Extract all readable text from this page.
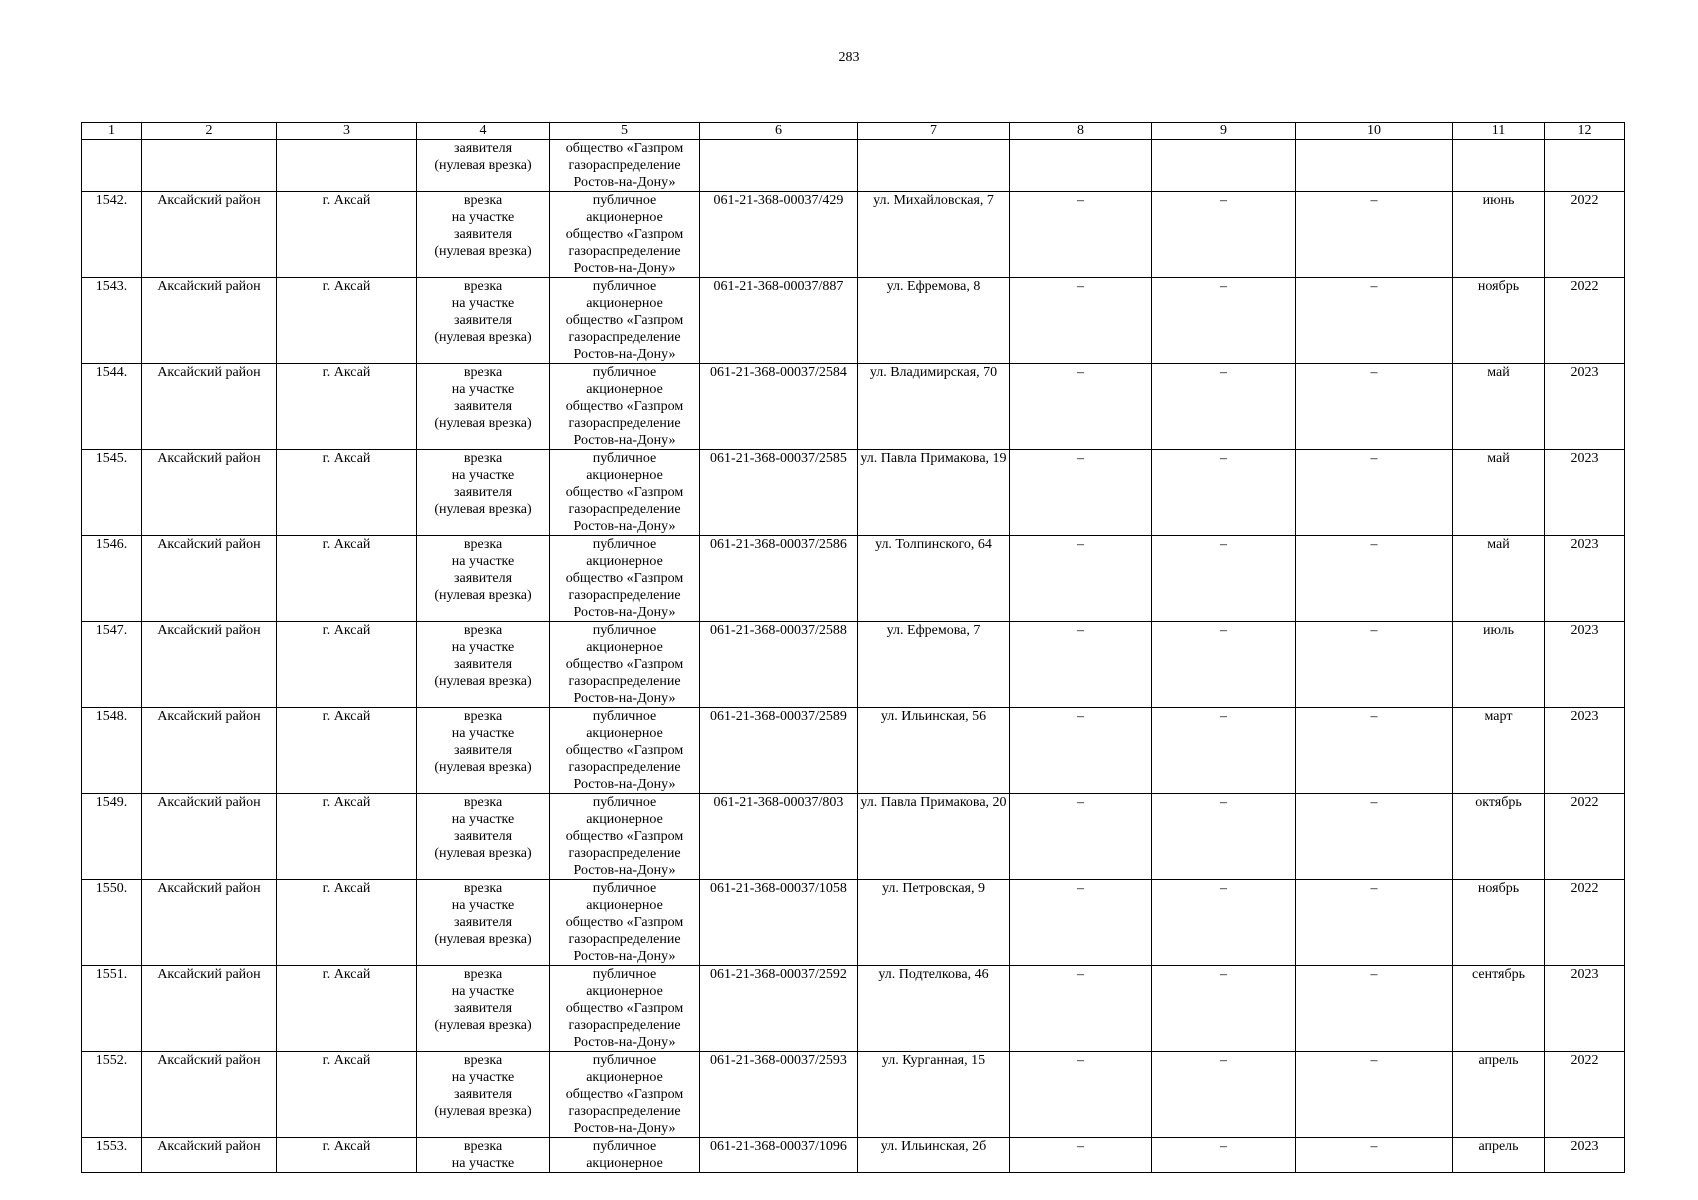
283
1	2	3	4	5	6	7	8	9	10	11	12
			заявителя
(нулевая врезка)	общество «Газпром
газораспределение
Ростов-на-Дону»							
1542.	Аксайский район	г. Аксай	врезка
на участке
заявителя
(нулевая врезка)	публичное
акционерное
общество «Газпром
газораспределение
Ростов-на-Дону»	061-21-368-00037/429	ул. Михайловская, 7	–	–	–	июнь	2022
1543.	Аксайский район	г. Аксай	врезка
на участке
заявителя
(нулевая врезка)	публичное
акционерное
общество «Газпром
газораспределение
Ростов-на-Дону»	061-21-368-00037/887	ул. Ефремова, 8	–	–	–	ноябрь	2022
1544.	Аксайский район	г. Аксай	врезка
на участке
заявителя
(нулевая врезка)	публичное
акционерное
общество «Газпром
газораспределение
Ростов-на-Дону»	061-21-368-00037/2584	ул. Владимирская, 70	–	–	–	май	2023
1545.	Аксайский район	г. Аксай	врезка
на участке
заявителя
(нулевая врезка)	публичное
акционерное
общество «Газпром
газораспределение
Ростов-на-Дону»	061-21-368-00037/2585	ул. Павла Примакова, 19	–	–	–	май	2023
1546.	Аксайский район	г. Аксай	врезка
на участке
заявителя
(нулевая врезка)	публичное
акционерное
общество «Газпром
газораспределение
Ростов-на-Дону»	061-21-368-00037/2586	ул. Толпинского, 64	–	–	–	май	2023
1547.	Аксайский район	г. Аксай	врезка
на участке
заявителя
(нулевая врезка)	публичное
акционерное
общество «Газпром
газораспределение
Ростов-на-Дону»	061-21-368-00037/2588	ул. Ефремова, 7	–	–	–	июль	2023
1548.	Аксайский район	г. Аксай	врезка
на участке
заявителя
(нулевая врезка)	публичное
акционерное
общество «Газпром
газораспределение
Ростов-на-Дону»	061-21-368-00037/2589	ул. Ильинская, 56	–	–	–	март	2023
1549.	Аксайский район	г. Аксай	врезка
на участке
заявителя
(нулевая врезка)	публичное
акционерное
общество «Газпром
газораспределение
Ростов-на-Дону»	061-21-368-00037/803	ул. Павла Примакова, 20	–	–	–	октябрь	2022
1550.	Аксайский район	г. Аксай	врезка
на участке
заявителя
(нулевая врезка)	публичное
акционерное
общество «Газпром
газораспределение
Ростов-на-Дону»	061-21-368-00037/1058	ул. Петровская, 9	–	–	–	ноябрь	2022
1551.	Аксайский район	г. Аксай	врезка
на участке
заявителя
(нулевая врезка)	публичное
акционерное
общество «Газпром
газораспределение
Ростов-на-Дону»	061-21-368-00037/2592	ул. Подтелкова, 46	–	–	–	сентябрь	2023
1552.	Аксайский район	г. Аксай	врезка
на участке
заявителя
(нулевая врезка)	публичное
акционерное
общество «Газпром
газораспределение
Ростов-на-Дону»	061-21-368-00037/2593	ул. Курганная, 15	–	–	–	апрель	2022
1553.	Аксайский район	г. Аксай	врезка
на участке	публичное
акционерное	061-21-368-00037/1096	ул. Ильинская, 2б	–	–	–	апрель	2023
